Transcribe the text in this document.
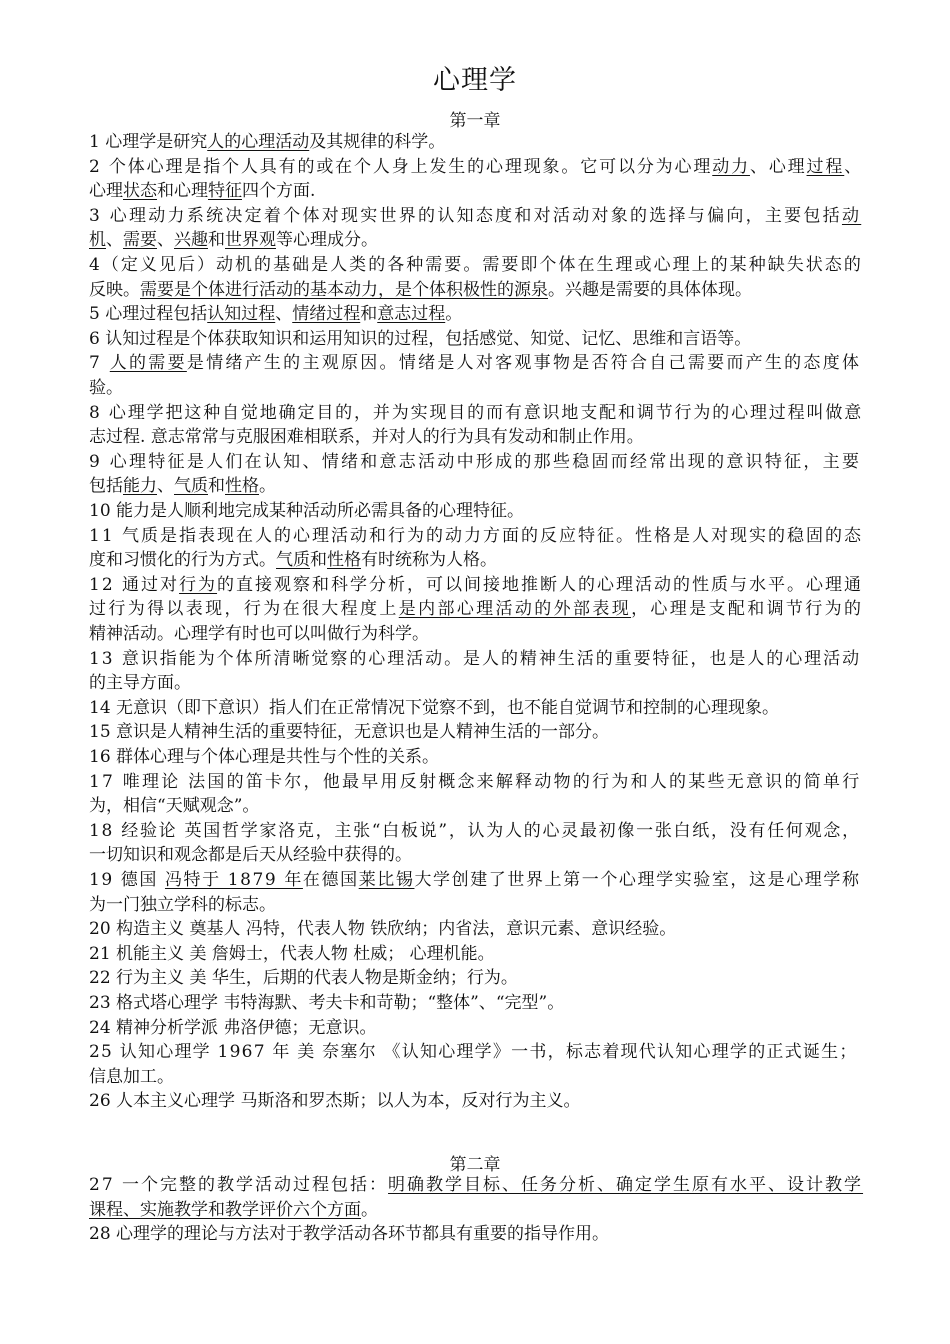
心理学
第一章
1 心理学是研究人的心理活动及其规律的科学。
2 个体心理是指个人具有的或在个人身上发生的心理现象。它可以分为心理动力、心理过程、
心理状态和心理特征四个方面.
3 心理动力系统决定着个体对现实世界的认知态度和对活动对象的选择与偏向，主要包括动
机、需要、兴趣和世界观等心理成分。
4（定义见后）动机的基础是人类的各种需要。需要即个体在生理或心理上的某种缺失状态的
反映。需要是个体进行活动的基本动力，是个体积极性的源泉。兴趣是需要的具体体现。
5 心理过程包括认知过程、情绪过程和意志过程。
6 认知过程是个体获取知识和运用知识的过程，包括感觉、知觉、记忆、思维和言语等。
7 人的需要是情绪产生的主观原因。情绪是人对客观事物是否符合自己需要而产生的态度体
验。
8 心理学把这种自觉地确定目的，并为实现目的而有意识地支配和调节行为的心理过程叫做意
志过程. 意志常常与克服困难相联系，并对人的行为具有发动和制止作用。
9 心理特征是人们在认知、情绪和意志活动中形成的那些稳固而经常出现的意识特征，主要
包括能力、气质和性格。
10 能力是人顺利地完成某种活动所必需具备的心理特征。
11 气质是指表现在人的心理活动和行为的动力方面的反应特征。性格是人对现实的稳固的态
度和习惯化的行为方式。气质和性格有时统称为人格。
12 通过对行为的直接观察和科学分析，可以间接地推断人的心理活动的性质与水平。心理通
过行为得以表现，行为在很大程度上是内部心理活动的外部表现，心理是支配和调节行为的
精神活动。心理学有时也可以叫做行为科学。
13 意识指能为个体所清晰觉察的心理活动。是人的精神生活的重要特征，也是人的心理活动
的主导方面。
14 无意识（即下意识）指人们在正常情况下觉察不到，也不能自觉调节和控制的心理现象。
15 意识是人精神生活的重要特征，无意识也是人精神生活的一部分。
16 群体心理与个体心理是共性与个性的关系。
17 唯理论 法国的笛卡尔，他最早用反射概念来解释动物的行为和人的某些无意识的简单行
为，相信“天赋观念”。
18 经验论 英国哲学家洛克，主张“白板说”，认为人的心灵最初像一张白纸，没有任何观念，
一切知识和观念都是后天从经验中获得的。
19 德国 冯特于 1879 年在德国莱比锡大学创建了世界上第一个心理学实验室，这是心理学称
为一门独立学科的标志。
20 构造主义 奠基人 冯特，代表人物 铁欣纳；内省法，意识元素、意识经验。
21 机能主义 美 詹姆士，代表人物 杜威； 心理机能。
22 行为主义 美 华生，后期的代表人物是斯金纳；行为。
23 格式塔心理学 韦特海默、考夫卡和苛勒；“整体”、“完型”。
24 精神分析学派 弗洛伊德；无意识。
25 认知心理学 1967 年 美 奈塞尔 《认知心理学》一书，标志着现代认知心理学的正式诞生；
信息加工。
26 人本主义心理学 马斯洛和罗杰斯；以人为本，反对行为主义。
第二章
27 一个完整的教学活动过程包括：明确教学目标、任务分析、确定学生原有水平、设计教学
课程、实施教学和教学评价六个方面。
28 心理学的理论与方法对于教学活动各环节都具有重要的指导作用。
